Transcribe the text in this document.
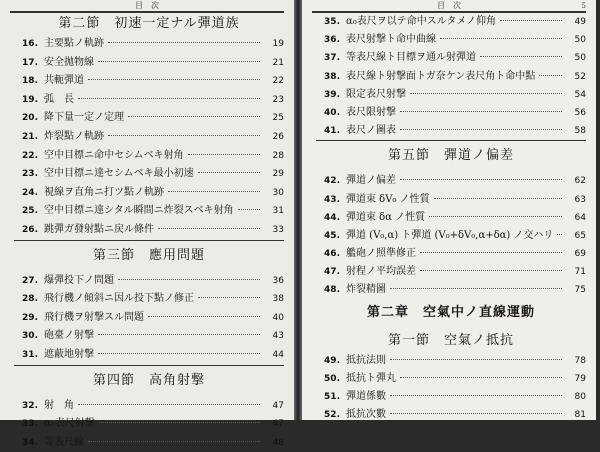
目　次
第二節　初速一定ナル彈道族
16. 主要點ノ軌跡	19
17. 安全拋物線	21
18. 共軛彈道	22
19. 弧　長	23
20. 降下量一定ノ定理	25
21. 炸裂點ノ軌跡	26
22. 空中目標ニ命中セシムベキ射角	28
23. 空中目標ニ達セシムベキ最小初速	29
24. 視線ヲ直角ニ打ツ點ノ軌跡	30
25. 空中目標ニ達シタル瞬間ニ炸裂スベキ射角	31
26. 跳彈ガ發射點ニ戻ル條件	33
第三節　應用問題
27. 爆彈投下ノ問題	36
28. 飛行機ノ傾斜ニ因ル投下點ノ修正	38
29. 飛行機ヲ射撃スル問題	40
30. 砲臺ノ射撃	43
31. 遮蔽地射撃	44
第四節　高角射撃
32. 射　角	47
33. α₀表尺射撃	47
34. 等表尺線	48
目　次	5
35. α₀表尺ヲ以テ命中スルタメノ仰角	49
36. 表尺射撃ト命中曲線	50
37. 等表尺線ト目標ヲ通ル射彈道	50
38. 表尺線ト射撃面トガ奈ケン表尺角ト命中點	52
39. 限定表尺射撃	54
40. 表尺限射撃	56
41. 表尺ノ圖表	58
第五節　彈道ノ偏差
42. 彈道ノ偏差	62
43. 彈道束 δV₀ ノ性質	63
44. 彈道束 δα ノ性質	64
45. 彈道 (V₀,α) ト彈道 (V₀+δV₀,α+δα) ノ交ハリ	65
46. 艦砲ノ照準修正	69
47. 射程ノ平均誤差	71
48. 炸裂精圖	75
第二章　空氣中ノ直線運動
第一節　空氣ノ抵抗
49. 抵抗法則	78
50. 抵抗ト彈丸	79
51. 彈道係數	80
52. 抵抗次數	81
